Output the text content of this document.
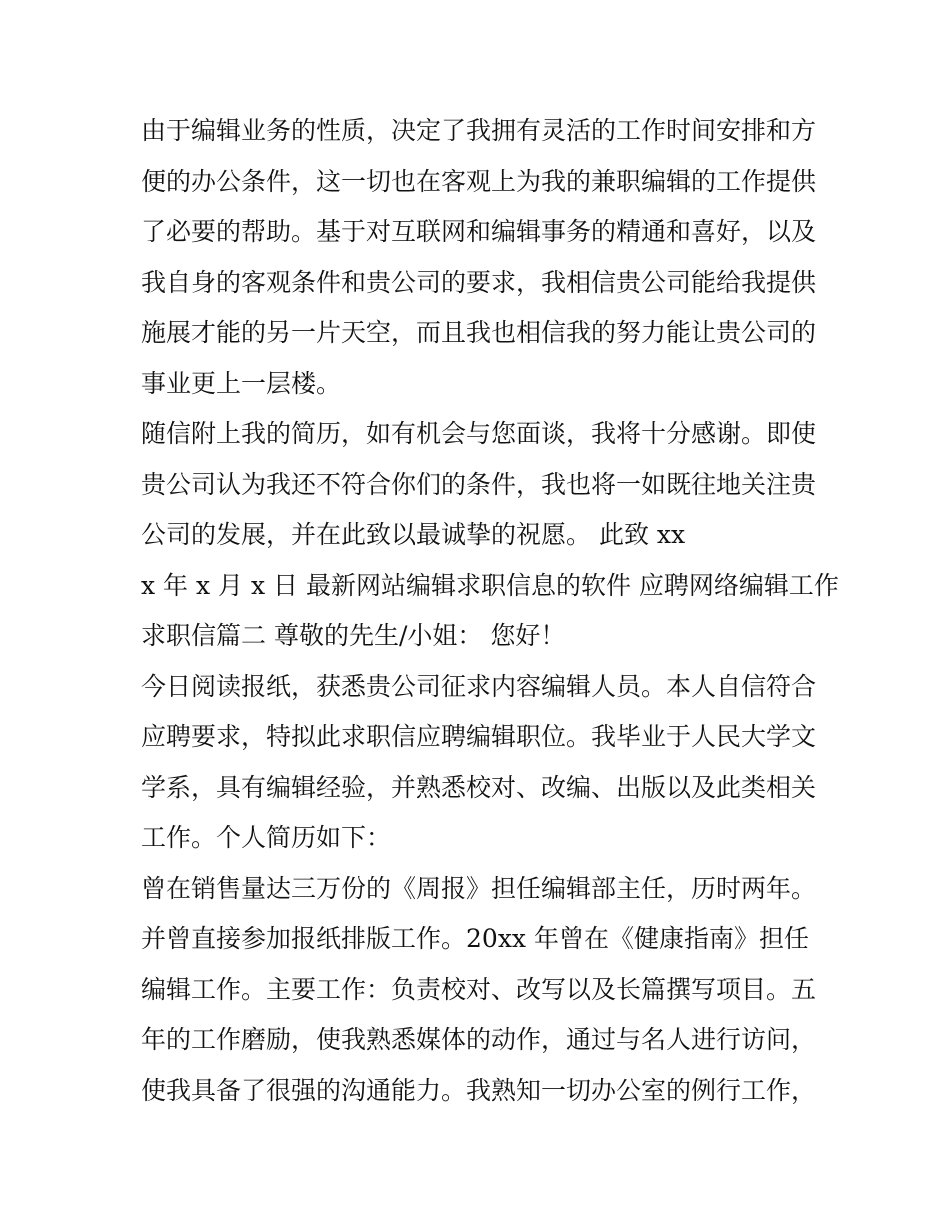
由于编辑业务的性质，决定了我拥有灵活的工作时间安排和方
便的办公条件，这一切也在客观上为我的兼职编辑的工作提供
了必要的帮助。基于对互联网和编辑事务的精通和喜好，以及
我自身的客观条件和贵公司的要求，我相信贵公司能给我提供
施展才能的另一片天空，而且我也相信我的努力能让贵公司的
事业更上一层楼。
随信附上我的简历，如有机会与您面谈，我将十分感谢。即使
贵公司认为我还不符合你们的条件，我也将一如既往地关注贵
公司的发展，并在此致以最诚挚的祝愿。 此致 xx
x 年 x 月 x 日 最新网站编辑求职信息的软件 应聘网络编辑工作
求职信篇二 尊敬的先生/小姐： 您好！
今日阅读报纸，获悉贵公司征求内容编辑人员。本人自信符合
应聘要求，特拟此求职信应聘编辑职位。我毕业于人民大学文
学系，具有编辑经验，并熟悉校对、改编、出版以及此类相关
工作。个人简历如下：
曾在销售量达三万份的《周报》担任编辑部主任，历时两年。
并曾直接参加报纸排版工作。20xx 年曾在《健康指南》担任
编辑工作。主要工作：负责校对、改写以及长篇撰写项目。五
年的工作磨励，使我熟悉媒体的动作，通过与名人进行访问，
使我具备了很强的沟通能力。我熟知一切办公室的例行工作，
